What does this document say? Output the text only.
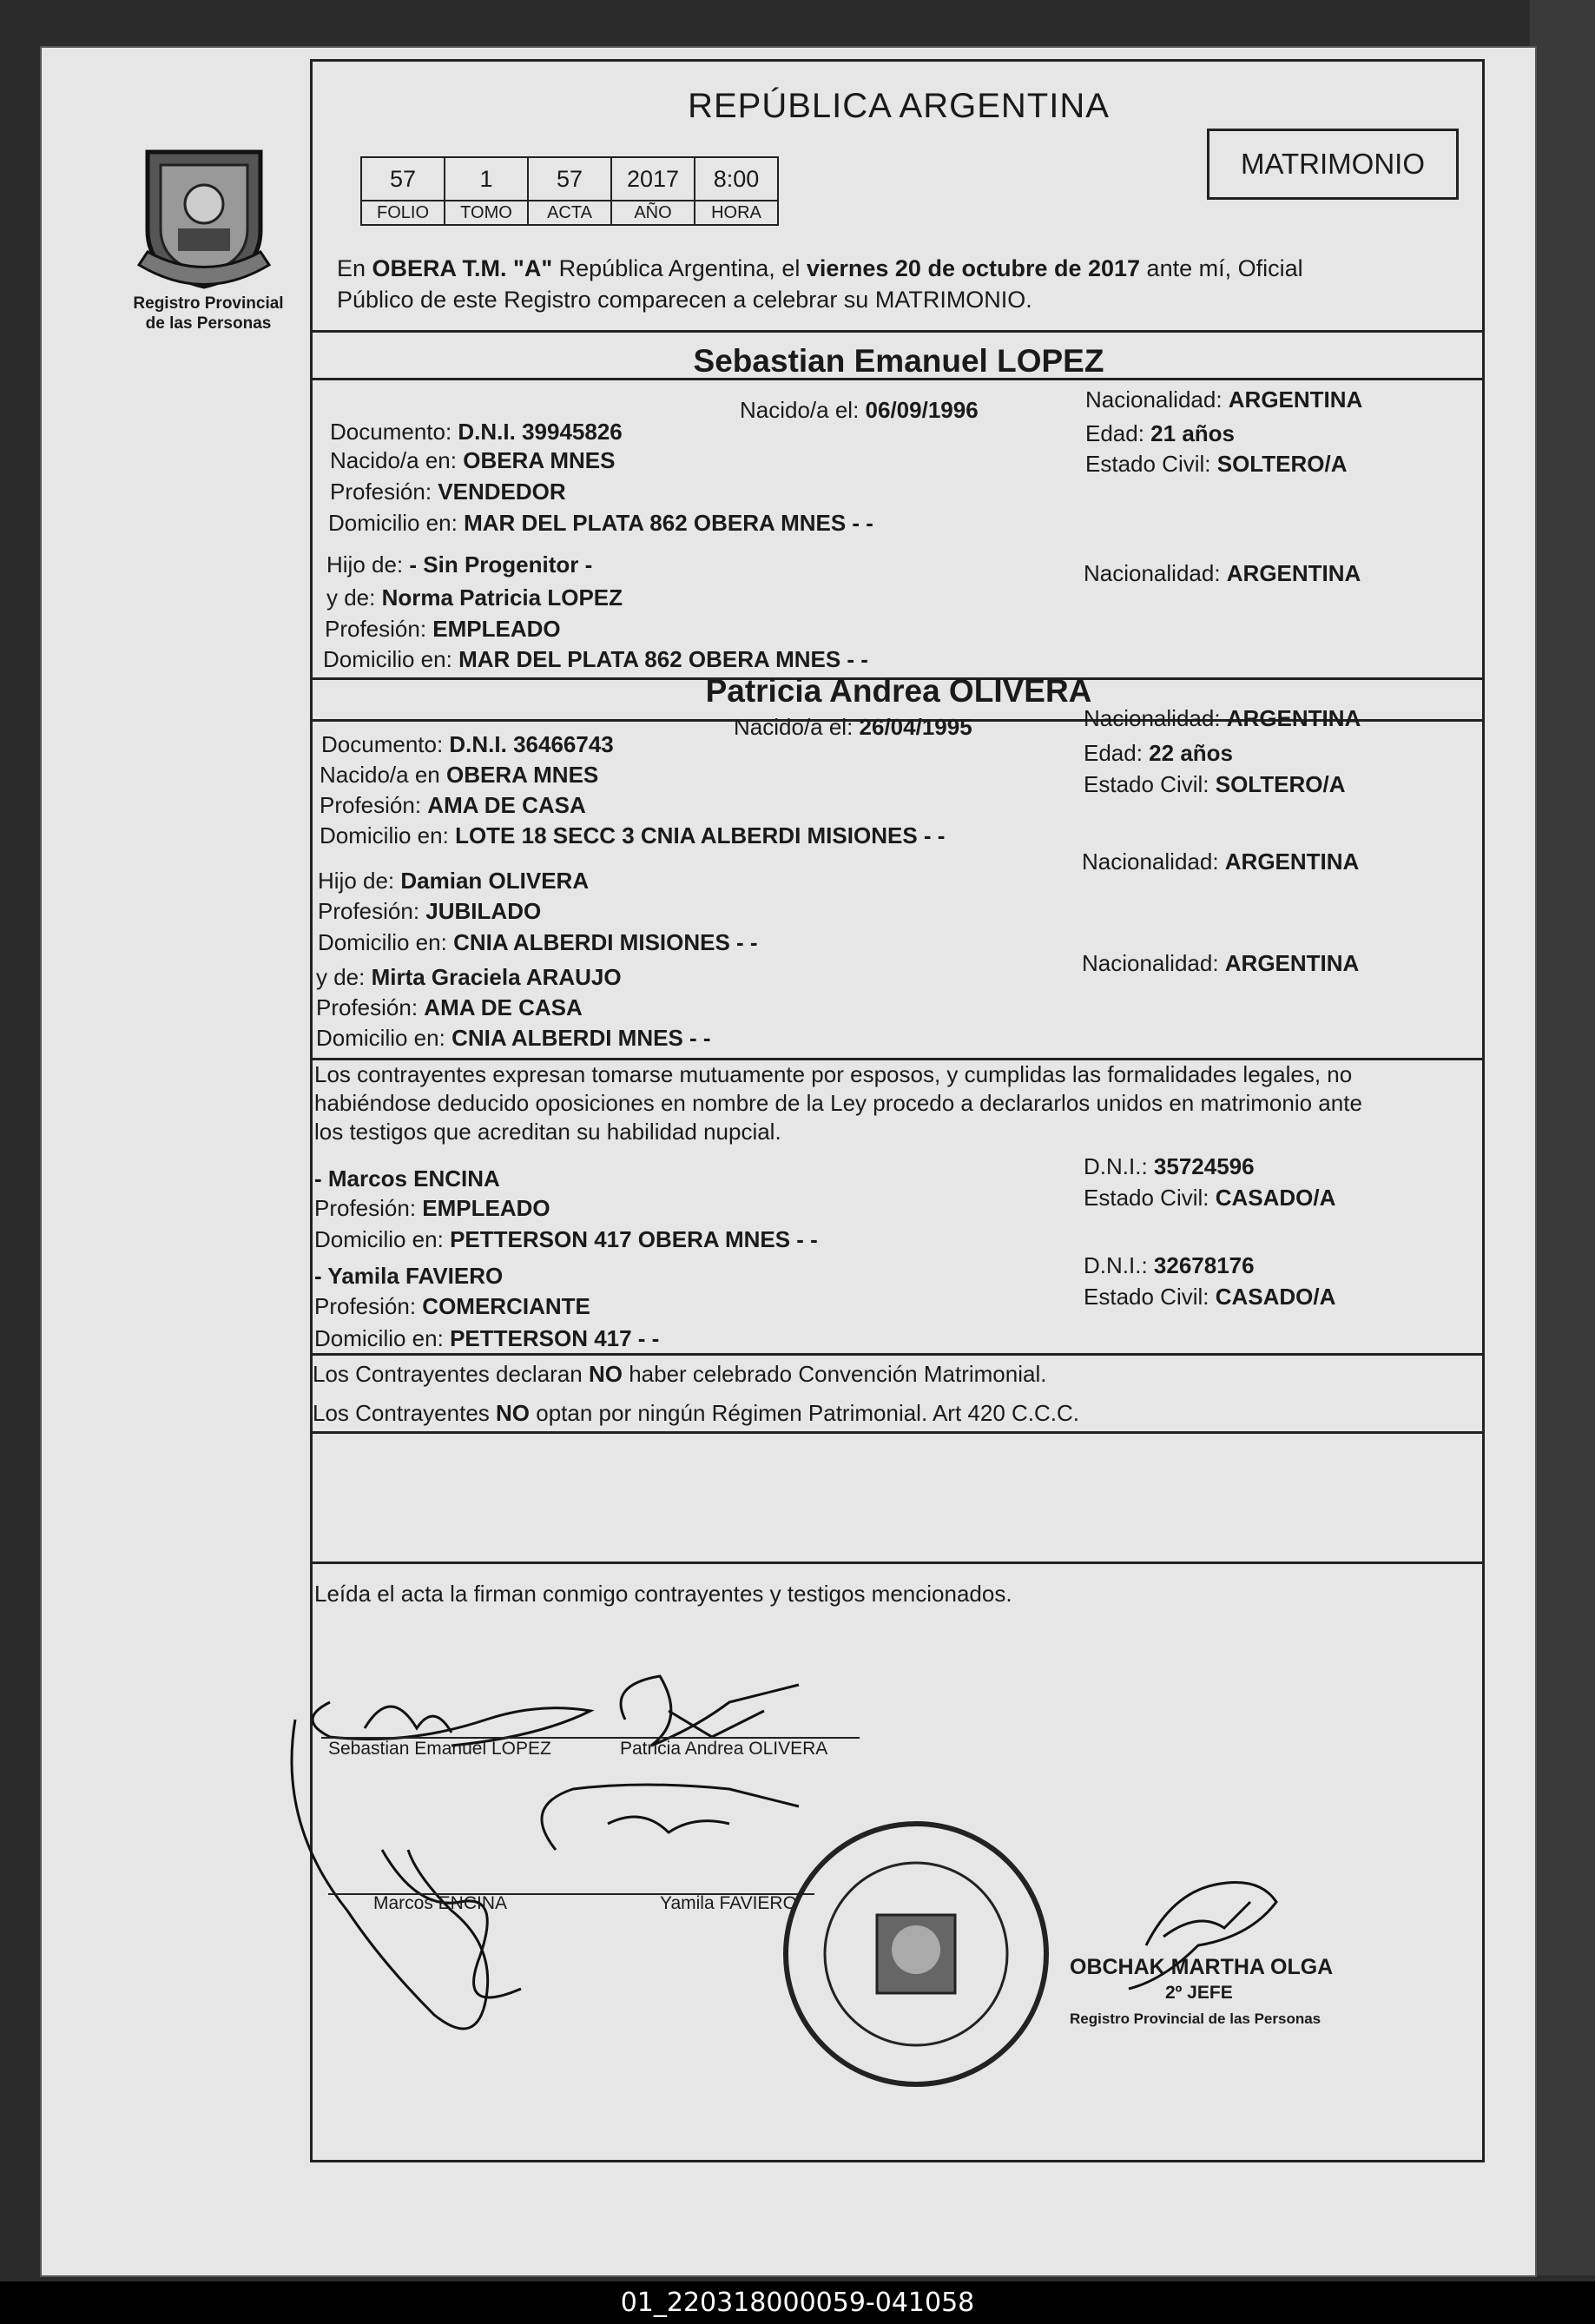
Registro Provincial
de las Personas
REPÚBLICA ARGENTINA
MATRIMONIO
57	1	57	2017	8:00
FOLIO	TOMO	ACTA	AÑO	HORA
En OBERA T.M. "A" República Argentina, el viernes 20 de octubre de 2017 ante mí, Oficial
Público de este Registro comparecen a celebrar su MATRIMONIO.
Sebastian Emanuel LOPEZ
Documento: D.N.I. 39945826
Nacido/a el: 06/09/1996	Nacionalidad: ARGENTINA
Nacido/a en: OBERA MNES
Edad: 21 años
Profesión: VENDEDOR
Estado Civil: SOLTERO/A
Domicilio en: MAR DEL PLATA 862 OBERA MNES - -
Hijo de: - Sin Progenitor -	Nacionalidad: ARGENTINA
y de: Norma Patricia LOPEZ
Profesión: EMPLEADO
Domicilio en: MAR DEL PLATA 862 OBERA MNES - -
Patricia Andrea OLIVERA
Documento: D.N.I. 36466743
Nacido/a el: 26/04/1995	Nacionalidad: ARGENTINA
Nacido/a en OBERA MNES
Edad: 22 años
Profesión: AMA DE CASA
Estado Civil: SOLTERO/A
Domicilio en: LOTE 18 SECC 3 CNIA ALBERDI MISIONES - -
Hijo de: Damian OLIVERA
Nacionalidad: ARGENTINA
Profesión: JUBILADO
Domicilio en: CNIA ALBERDI MISIONES - -
y de: Mirta Graciela ARAUJO
Nacionalidad: ARGENTINA
Profesión: AMA DE CASA
Domicilio en: CNIA ALBERDI MNES - -
Los contrayentes expresan tomarse mutuamente por esposos, y cumplidas las formalidades legales, no
habiéndose deducido oposiciones en nombre de la Ley procedo a declararlos unidos en matrimonio ante
los testigos que acreditan su habilidad nupcial.
- Marcos ENCINA
Profesión: EMPLEADO
Domicilio en: PETTERSON 417 OBERA MNES - -
D.N.I.: 35724596
Estado Civil: CASADO/A
- Yamila FAVIERO
Profesión: COMERCIANTE
Domicilio en: PETTERSON 417 - -
D.N.I.: 32678176
Estado Civil: CASADO/A
Los Contrayentes declaran NO haber celebrado Convención Matrimonial.
Los Contrayentes NO optan por ningún Régimen Patrimonial. Art 420 C.C.C.
Leída el acta la firman conmigo contrayentes y testigos mencionados.
Sebastian Emanuel LOPEZ	Patricia Andrea OLIVERA
Marcos ENCINA	Yamila FAVIERO
OBCHAK MARTHA OLGA
2º JEFE
Registro Provincial de las Personas
01_220318000059-041058
